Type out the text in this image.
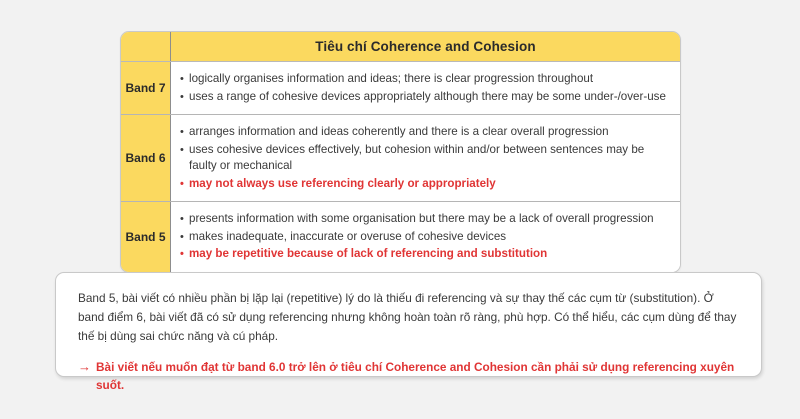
Tiêu chí Coherence and Cohesion
Band 7
• logically organises information and ideas; there is clear progression throughout
• uses a range of cohesive devices appropriately although there may be some under-/over-use
Band 6
• arranges information and ideas coherently and there is a clear overall progression
• uses cohesive devices effectively, but cohesion within and/or between sentences may be faulty or mechanical
• may not always use referencing clearly or appropriately
Band 5
• presents information with some organisation but there may be a lack of overall progression
• makes inadequate, inaccurate or overuse of cohesive devices
• may be repetitive because of lack of referencing and substitution

Band 5, bài viết có nhiều phần bị lặp lại (repetitive) lý do là thiếu đi referencing và sự thay thế các cụm từ (substitution). Ở band điểm 6, bài viết đã có sử dụng referencing nhưng không hoàn toàn rõ ràng, phù hợp. Có thể hiểu, các cụm dùng để thay thế bị dùng sai chức năng và cú pháp.

→ Bài viết nếu muốn đạt từ band 6.0 trở lên ở tiêu chí Coherence and Cohesion cần phải sử dụng referencing xuyên suốt.
